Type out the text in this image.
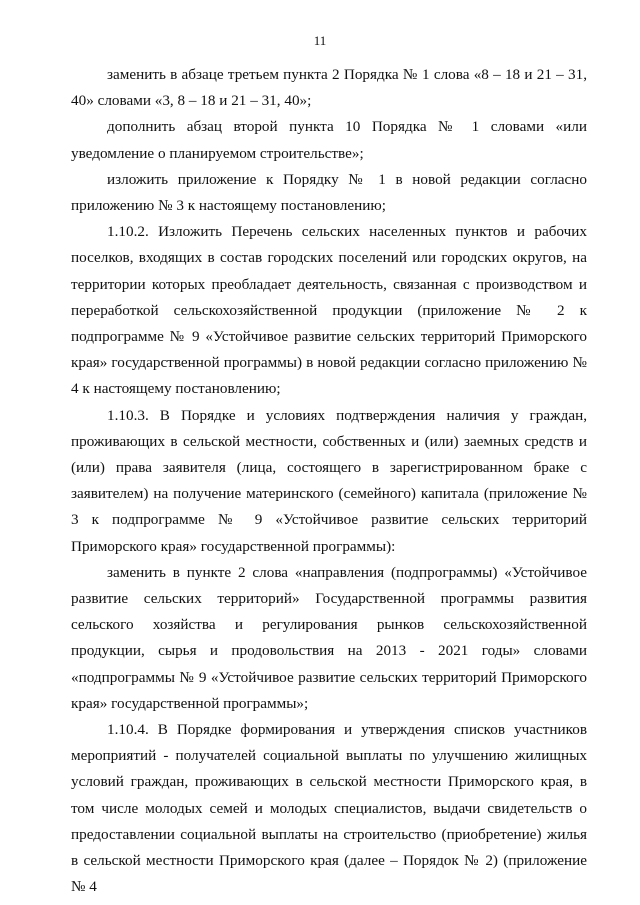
11

заменить в абзаце третьем пункта 2 Порядка № 1 слова «8 – 18 и 21 – 31, 40» словами «3, 8 – 18 и 21 – 31, 40»;

дополнить абзац второй пункта 10 Порядка № 1 словами «или уведомление о планируемом строительстве»;

изложить приложение к Порядку № 1 в новой редакции согласно приложению № 3 к настоящему постановлению;

1.10.2. Изложить Перечень сельских населенных пунктов и рабочих поселков, входящих в состав городских поселений или городских округов, на территории которых преобладает деятельность, связанная с производством и переработкой сельскохозяйственной продукции (приложение № 2 к подпрограмме № 9 «Устойчивое развитие сельских территорий Приморского края» государственной программы) в новой редакции согласно приложению № 4 к настоящему постановлению;

1.10.3. В Порядке и условиях подтверждения наличия у граждан, проживающих в сельской местности, собственных и (или) заемных средств и (или) права заявителя (лица, состоящего в зарегистрированном браке с заявителем) на получение материнского (семейного) капитала (приложение № 3 к подпрограмме № 9 «Устойчивое развитие сельских территорий Приморского края» государственной программы):

заменить в пункте 2 слова «направления (подпрограммы) «Устойчивое развитие сельских территорий» Государственной программы развития сельского хозяйства и регулирования рынков сельскохозяйственной продукции, сырья и продовольствия на 2013 - 2021 годы» словами «подпрограммы № 9 «Устойчивое развитие сельских территорий Приморского края» государственной программы»;

1.10.4. В Порядке формирования и утверждения списков участников мероприятий - получателей социальной выплаты по улучшению жилищных условий граждан, проживающих в сельской местности Приморского края, в том числе молодых семей и молодых специалистов, выдачи свидетельств о предоставлении социальной выплаты на строительство (приобретение) жилья в сельской местности Приморского края (далее – Порядок № 2) (приложение № 4
